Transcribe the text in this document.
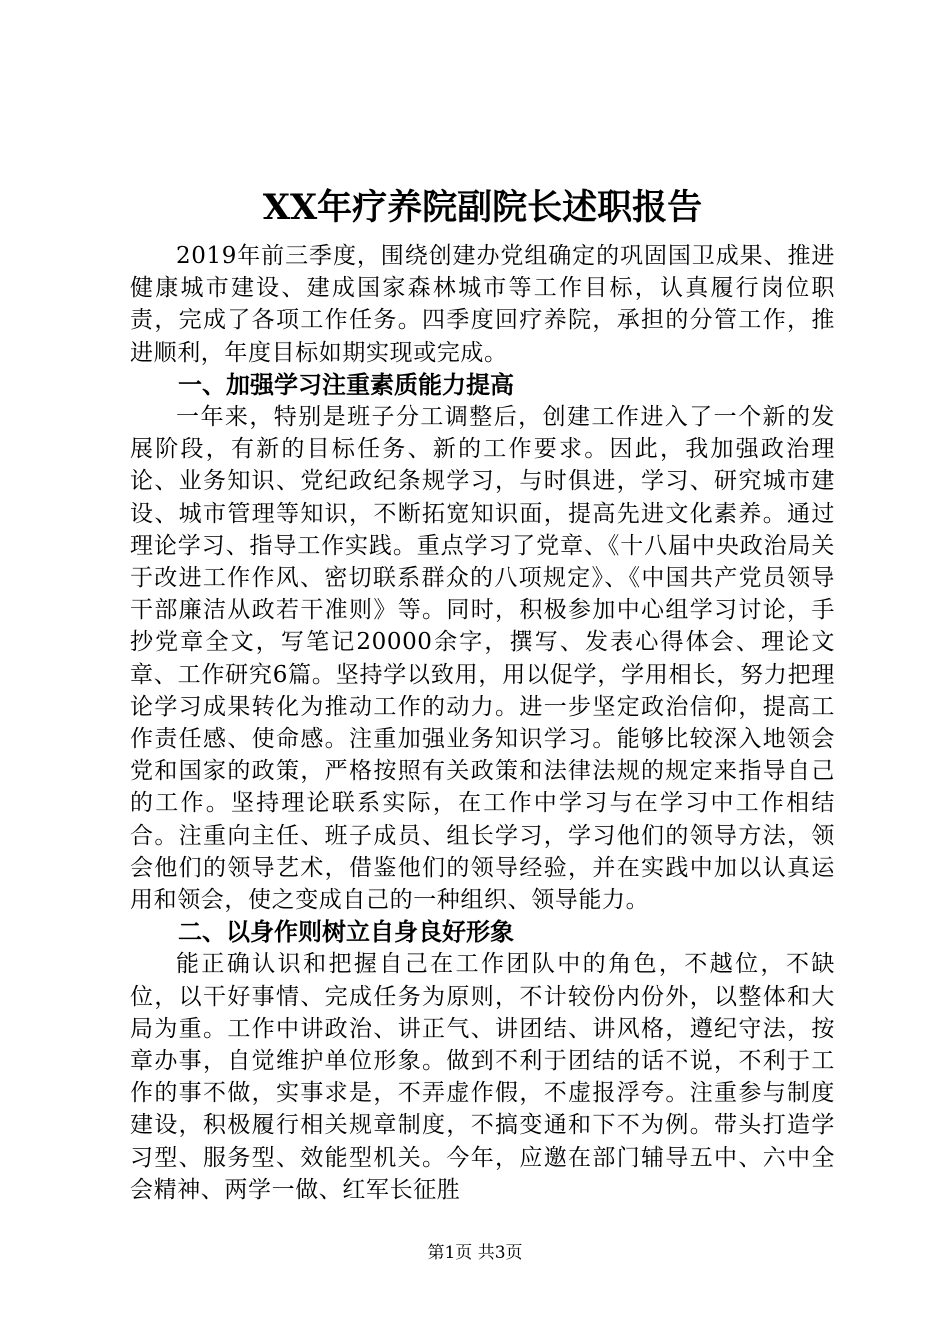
XX年疗养院副院长述职报告

2019年前三季度，围绕创建办党组确定的巩固国卫成果、推进健康城市建设、建成国家森林城市等工作目标，认真履行岗位职责，完成了各项工作任务。四季度回疗养院，承担的分管工作，推进顺利，年度目标如期实现或完成。

一、加强学习注重素质能力提高

一年来，特别是班子分工调整后，创建工作进入了一个新的发展阶段，有新的目标任务、新的工作要求。因此，我加强政治理论、业务知识、党纪政纪条规学习，与时俱进，学习、研究城市建设、城市管理等知识，不断拓宽知识面，提高先进文化素养。通过理论学习、指导工作实践。重点学习了党章、《十八届中央政治局关于改进工作作风、密切联系群众的八项规定》、《中国共产党员领导干部廉洁从政若干准则》等。同时，积极参加中心组学习讨论，手抄党章全文，写笔记20000余字，撰写、发表心得体会、理论文章、工作研究6篇。坚持学以致用，用以促学，学用相长，努力把理论学习成果转化为推动工作的动力。进一步坚定政治信仰，提高工作责任感、使命感。注重加强业务知识学习。能够比较深入地领会党和国家的政策，严格按照有关政策和法律法规的规定来指导自己的工作。坚持理论联系实际，在工作中学习与在学习中工作相结合。注重向主任、班子成员、组长学习，学习他们的领导方法，领会他们的领导艺术，借鉴他们的领导经验，并在实践中加以认真运用和领会，使之变成自己的一种组织、领导能力。

二、以身作则树立自身良好形象

能正确认识和把握自己在工作团队中的角色，不越位，不缺位，以干好事情、完成任务为原则，不计较份内份外，以整体和大局为重。工作中讲政治、讲正气、讲团结、讲风格，遵纪守法，按章办事，自觉维护单位形象。做到不利于团结的话不说，不利于工作的事不做，实事求是，不弄虚作假，不虚报浮夸。注重参与制度建设，积极履行相关规章制度，不搞变通和下不为例。带头打造学习型、服务型、效能型机关。今年，应邀在部门辅导五中、六中全会精神、两学一做、红军长征胜

第1页 共3页
